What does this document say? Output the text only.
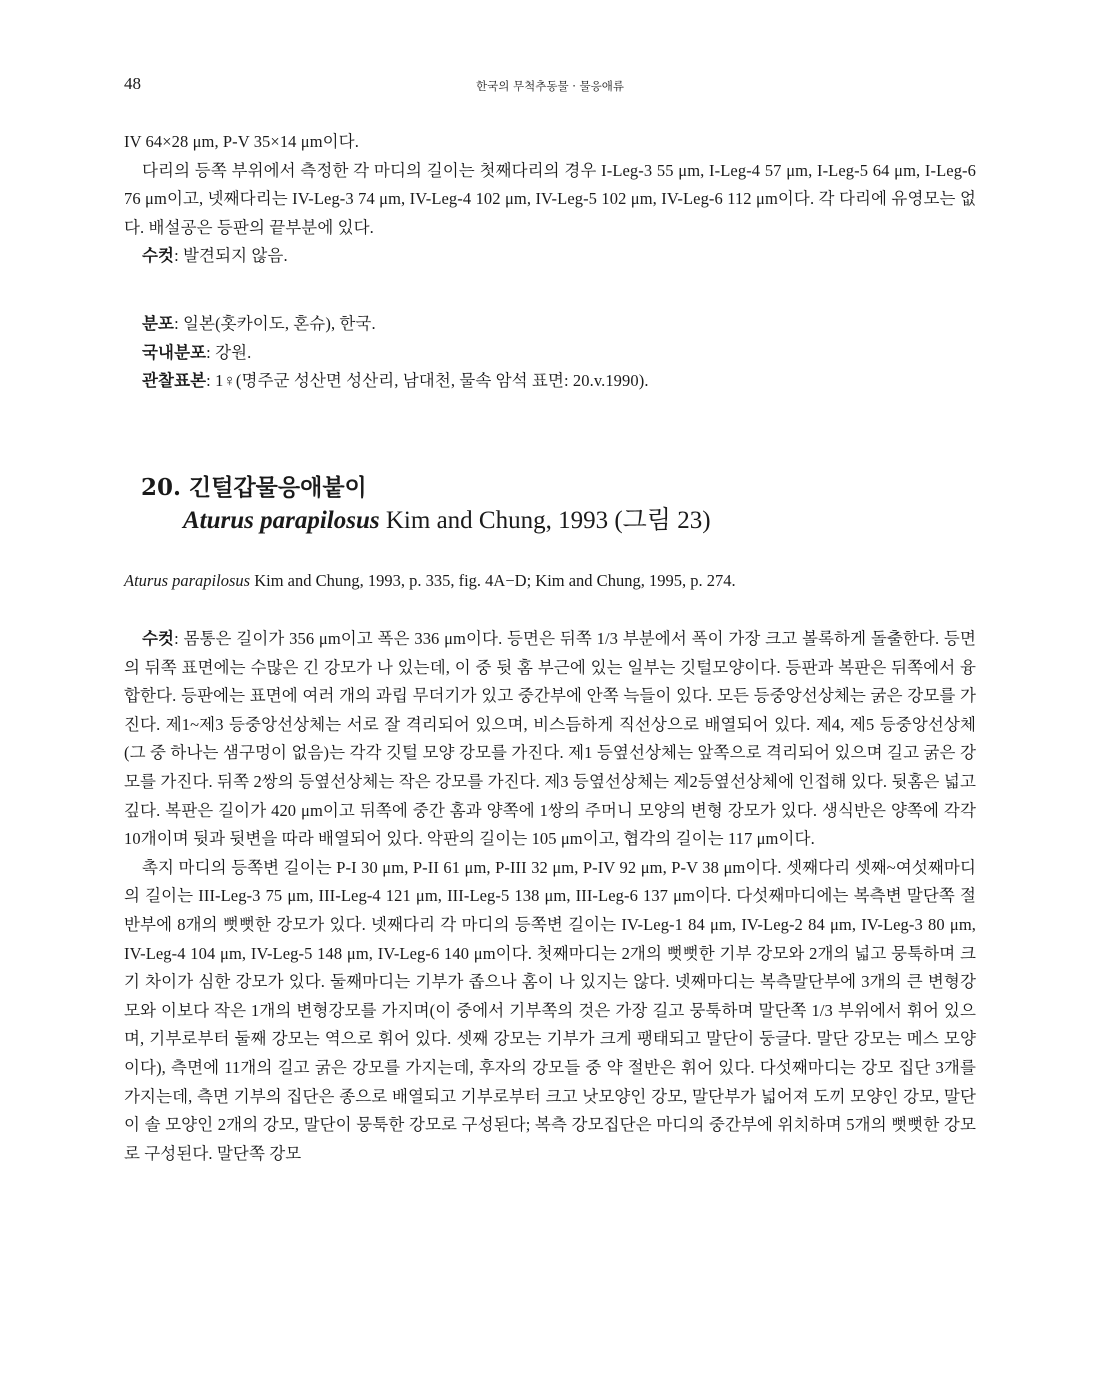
48	한국의 무척추동물 · 물응애류

IV 64×28 μm, P-V 35×14 μm이다.

다리의 등쪽 부위에서 측정한 각 마디의 길이는 첫째다리의 경우 I-Leg-3 55 μm, I-Leg-4 57 μm, I-Leg-5 64 μm, I-Leg-6 76 μm이고, 넷째다리는 IV-Leg-3 74 μm, IV-Leg-4 102 μm, IV-Leg-5 102 μm, IV-Leg-6 112 μm이다. 각 다리에 유영모는 없다. 배설공은 등판의 끝부분에 있다.

수컷: 발견되지 않음.

분포: 일본(홋카이도, 혼슈), 한국.

국내분포: 강원.

관찰표본: 1♀(명주군 성산면 성산리, 남대천, 물속 암석 표면: 20.v.1990).

20. 긴털갑물응애붙이
Aturus parapilosus Kim and Chung, 1993 (그림 23)
Aturus parapilosus Kim and Chung, 1993, p. 335, fig. 4A−D; Kim and Chung, 1995, p. 274.

수컷: 몸통은 길이가 356 μm이고 폭은 336 μm이다. 등면은 뒤쪽 1/3 부분에서 폭이 가장 크고 볼록하게 돌출한다. 등면의 뒤쪽 표면에는 수많은 긴 강모가 나 있는데, 이 중 뒷 홈 부근에 있는 일부는 깃털모양이다. 등판과 복판은 뒤쪽에서 융합한다. 등판에는 표면에 여러 개의 과립 무더기가 있고 중간부에 안쪽 늑들이 있다. 모든 등중앙선상체는 굵은 강모를 가진다. 제1~제3 등중앙선상체는 서로 잘 격리되어 있으며, 비스듬하게 직선상으로 배열되어 있다. 제4, 제5 등중앙선상체(그 중 하나는 샘구멍이 없음)는 각각 깃털 모양 강모를 가진다. 제1 등옆선상체는 앞쪽으로 격리되어 있으며 길고 굵은 강모를 가진다. 뒤쪽 2쌍의 등옆선상체는 작은 강모를 가진다. 제3 등옆선상체는 제2등옆선상체에 인접해 있다. 뒷홈은 넓고 깊다. 복판은 길이가 420 μm이고 뒤쪽에 중간 홈과 양쪽에 1쌍의 주머니 모양의 변형 강모가 있다. 생식반은 양쪽에 각각 10개이며 뒷과 뒷변을 따라 배열되어 있다. 악판의 길이는 105 μm이고, 협각의 길이는 117 μm이다.

촉지 마디의 등쪽변 길이는 P-I 30 μm, P-II 61 μm, P-III 32 μm, P-IV 92 μm, P-V 38 μm이다. 셋째다리 셋째~여섯째마디의 길이는 III-Leg-3 75 μm, III-Leg-4 121 μm, III-Leg-5 138 μm, III-Leg-6 137 μm이다. 다섯째마디에는 복측변 말단쪽 절반부에 8개의 뻣뻣한 강모가 있다. 넷째다리 각 마디의 등쪽변 길이는 IV-Leg-1 84 μm, IV-Leg-2 84 μm, IV-Leg-3 80 μm, IV-Leg-4 104 μm, IV-Leg-5 148 μm, IV-Leg-6 140 μm이다. 첫째마디는 2개의 뻣뻣한 기부 강모와 2개의 넓고 뭉툭하며 크기 차이가 심한 강모가 있다. 둘째마디는 기부가 좁으나 홈이 나 있지는 않다. 넷째마디는 복측말단부에 3개의 큰 변형강모와 이보다 작은 1개의 변형강모를 가지며(이 중에서 기부쪽의 것은 가장 길고 뭉툭하며 말단쪽 1/3 부위에서 휘어 있으며, 기부로부터 둘째 강모는 역으로 휘어 있다. 셋째 강모는 기부가 크게 팽태되고 말단이 둥글다. 말단 강모는 메스 모양이다), 측면에 11개의 길고 굵은 강모를 가지는데, 후자의 강모들 중 약 절반은 휘어 있다. 다섯째마디는 강모 집단 3개를 가지는데, 측면 기부의 집단은 종으로 배열되고 기부로부터 크고 낫모양인 강모, 말단부가 넓어져 도끼 모양인 강모, 말단이 솔 모양인 2개의 강모, 말단이 뭉툭한 강모로 구성된다; 복측 강모집단은 마디의 중간부에 위치하며 5개의 뻣뻣한 강모로 구성된다. 말단쪽 강모
